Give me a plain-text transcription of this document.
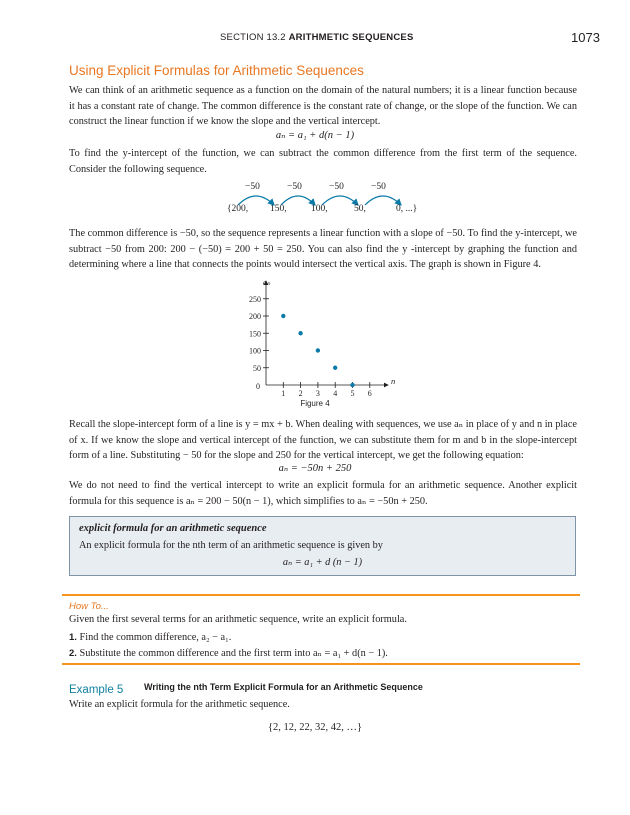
SECTION 13.2 ARITHMETIC SEQUENCES	1073
Using Explicit Formulas for Arithmetic Sequences

We can think of an arithmetic sequence as a function on the domain of the natural numbers; it is a linear function because it has a constant rate of change. The common difference is the constant rate of change, or the slope of the function. We can construct the linear function if we know the slope and the vertical intercept.

aₙ = a₁ + d(n − 1)

To find the y-intercept of the function, we can subtract the common difference from the first term of the sequence. Consider the following sequence.

−50	−50	−50	−50
{200, 150,	100,	50,	0, ...}

The common difference is −50, so the sequence represents a linear function with a slope of −50. To find the y-intercept, we subtract −50 from 200: 200 − (−50) = 200 + 50 = 250. You can also find the y -intercept by graphing the function and determining where a line that connects the points would intersect the vertical axis. The graph is shown in Figure 4.

250
200
150
100
50
1 2 3 4 5 6
0
aₙ
n
Figure 4

Recall the slope-intercept form of a line is y = mx + b. When dealing with sequences, we use aₙ in place of y and n in place of x. If we know the slope and vertical intercept of the function, we can substitute them for m and b in the slope-intercept form of a line. Substituting − 50 for the slope and 250 for the vertical intercept, we get the following equation:

aₙ = −50n + 250

We do not need to find the vertical intercept to write an explicit formula for an arithmetic sequence. Another explicit formula for this sequence is aₙ = 200 − 50(n − 1), which simplifies to aₙ = −50n + 250.

explicit formula for an arithmetic sequence
An explicit formula for the nth term of an arithmetic sequence is given by
aₙ = a₁ + d (n − 1)
How To...
Given the first several terms for an arithmetic sequence, write an explicit formula.
1. Find the common difference, a₂ − a₁.
2. Substitute the common difference and the first term into aₙ = a₁ + d(n − 1).
Example 5 Writing the nth Term Explicit Formula for an Arithmetic Sequence
Write an explicit formula for the arithmetic sequence.
{2, 12, 22, 32, 42, …}
